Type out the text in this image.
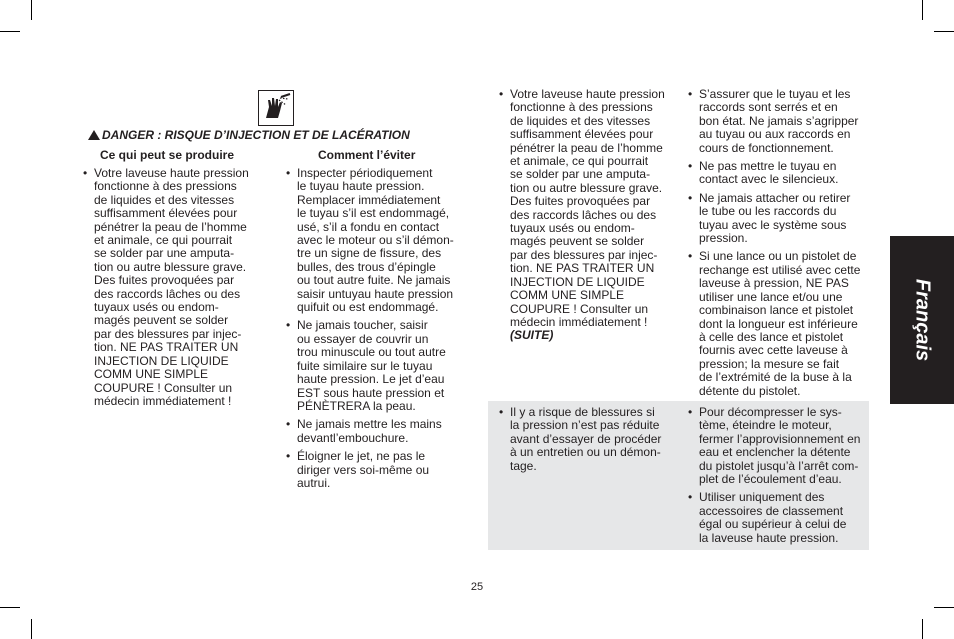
DANGER : RISQUE D’INJECTION ET DE LACÉRATION
Ce qui peut se produire	Comment l’éviter
• Votre laveuse haute pression
fonctionne à des pressions
de liquides et des vitesses
suffisamment élevées pour
pénétrer la peau de l’homme
et animale, ce qui pourrait
se solder par une amputa-
tion ou autre blessure grave.
Des fuites provoquées par
des raccords lâches ou des
tuyaux usés ou endom-
magés peuvent se solder
par des blessures par injec-
tion. NE PAS TRAITER UN
INJECTION DE LIQUIDE
COMM UNE SIMPLE
COUPURE ! Consulter un
médecin immédiatement !
• Inspecter périodiquement
le tuyau haute pression.
Remplacer immédiatement
le tuyau s’il est endommagé,
usé, s’il a fondu en contact
avec le moteur ou s’il démon-
tre un signe de fissure, des
bulles, des trous d’épingle
ou tout autre fuite. Ne jamais
saisir untuyau haute pression
quifuit ou est endommagé.
• Ne jamais toucher, saisir
ou essayer de couvrir un
trou minuscule ou tout autre
fuite similaire sur le tuyau
haute pression. Le jet d’eau
EST sous haute pression et
PÉNÈTRERA la peau.
• Ne jamais mettre les mains
devantl’embouchure.
• Éloigner le jet, ne pas le
diriger vers soi-même ou
autrui.
• Votre laveuse haute pression
fonctionne à des pressions
de liquides et des vitesses
suffisamment élevées pour
pénétrer la peau de l’homme
et animale, ce qui pourrait
se solder par une amputa-
tion ou autre blessure grave.
Des fuites provoquées par
des raccords lâches ou des
tuyaux usés ou endom-
magés peuvent se solder
par des blessures par injec-
tion. NE PAS TRAITER UN
INJECTION DE LIQUIDE
COMM UNE SIMPLE
COUPURE ! Consulter un
médecin immédiatement !
(SUITE)
• S’assurer que le tuyau et les
raccords sont serrés et en
bon état. Ne jamais s’agripper
au tuyau ou aux raccords en
cours de fonctionnement.
• Ne pas mettre le tuyau en
contact avec le silencieux.
• Ne jamais attacher ou retirer
le tube ou les raccords du
tuyau avec le système sous
pression.
• Si une lance ou un pistolet de
rechange est utilisé avec cette
laveuse à pression, NE PAS
utiliser une lance et/ou une
combinaison lance et pistolet
dont la longueur est inférieure
à celle des lance et pistolet
fournis avec cette laveuse à
pression; la mesure se fait
de l’extrémité de la buse à la
détente du pistolet.
• Il y a risque de blessures si
la pression n’est pas réduite
avant d’essayer de procéder
à un entretien ou un démon-
tage.
• Pour décompresser le sys-
tème, éteindre le moteur,
fermer l’approvisionnement en
eau et enclencher la détente
du pistolet jusqu’à l’arrêt com-
plet de l’écoulement d’eau.
• Utiliser uniquement des
accessoires de classement
égal ou supérieur à celui de
la laveuse haute pression.
Français
25
